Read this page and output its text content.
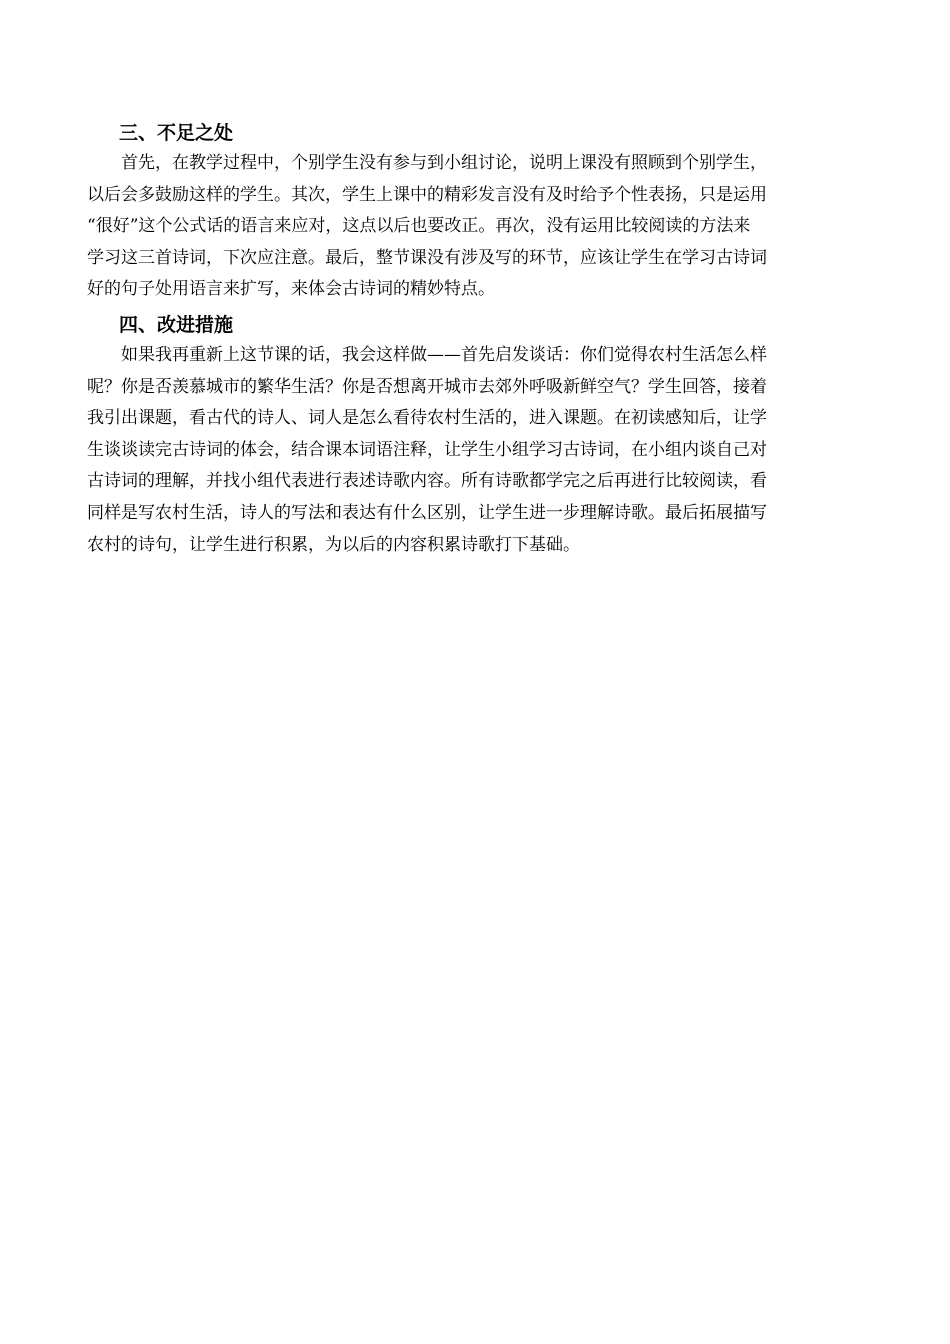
三、不足之处
首先，在教学过程中，个别学生没有参与到小组讨论，说明上课没有照顾到个别学生，
以后会多鼓励这样的学生。其次，学生上课中的精彩发言没有及时给予个性表扬，只是运用
“很好”这个公式话的语言来应对，这点以后也要改正。再次，没有运用比较阅读的方法来
学习这三首诗词，下次应注意。最后，整节课没有涉及写的环节，应该让学生在学习古诗词
好的句子处用语言来扩写，来体会古诗词的精妙特点。
四、改进措施
如果我再重新上这节课的话，我会这样做——首先启发谈话：你们觉得农村生活怎么样
呢？你是否羡慕城市的繁华生活？你是否想离开城市去郊外呼吸新鲜空气？学生回答，接着
我引出课题，看古代的诗人、词人是怎么看待农村生活的，进入课题。在初读感知后，让学
生谈谈读完古诗词的体会，结合课本词语注释，让学生小组学习古诗词，在小组内谈自己对
古诗词的理解，并找小组代表进行表述诗歌内容。所有诗歌都学完之后再进行比较阅读，看
同样是写农村生活，诗人的写法和表达有什么区别，让学生进一步理解诗歌。最后拓展描写
农村的诗句，让学生进行积累，为以后的内容积累诗歌打下基础。
